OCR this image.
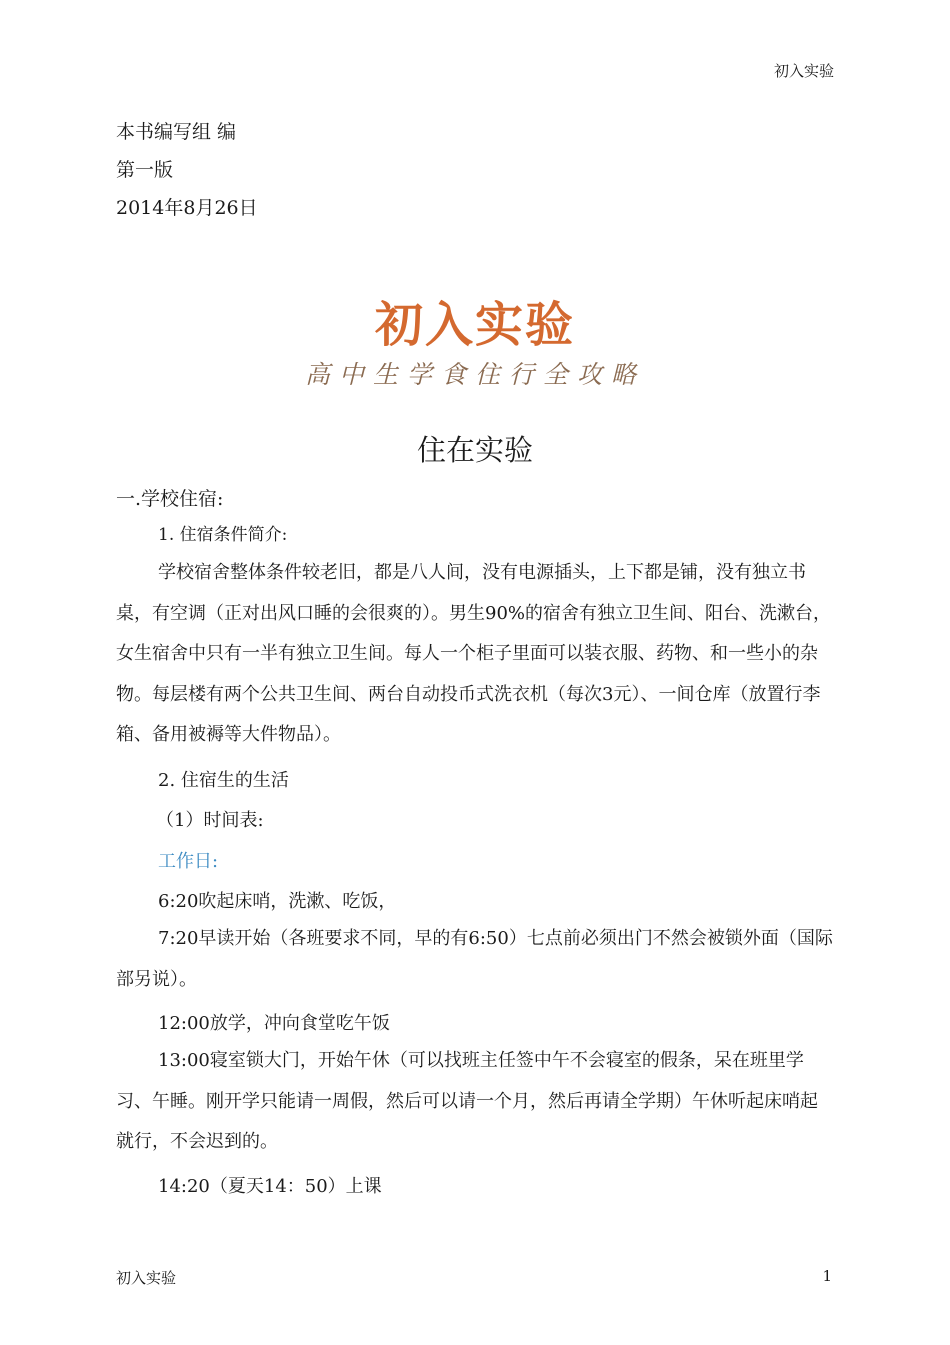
初入实验
本书编写组 编
第一版
2014年8月26日
初入实验
高中生学食住行全攻略
住在实验
一.学校住宿:
1. 住宿条件简介:
学校宿舍整体条件较老旧，都是八人间，没有电源插头，上下都是铺，没有独立书桌，有空调（正对出风口睡的会很爽的）。男生90%的宿舍有独立卫生间、阳台、洗漱台，女生宿舍中只有一半有独立卫生间。每人一个柜子里面可以装衣服、药物、和一些小的杂物。每层楼有两个公共卫生间、两台自动投币式洗衣机（每次3元）、一间仓库（放置行李箱、备用被褥等大件物品）。
2. 住宿生的生活
（1）时间表:
工作日:
6:20吹起床哨，洗漱、吃饭，
7:20早读开始（各班要求不同，早的有6:50）七点前必须出门不然会被锁外面（国际部另说）。
12:00放学，冲向食堂吃午饭
13:00寝室锁大门，开始午休（可以找班主任签中午不会寝室的假条，呆在班里学习、午睡。刚开学只能请一周假，然后可以请一个月，然后再请全学期）午休听起床哨起就行，不会迟到的。
14:20（夏天14：50）上课
初入实验	1
